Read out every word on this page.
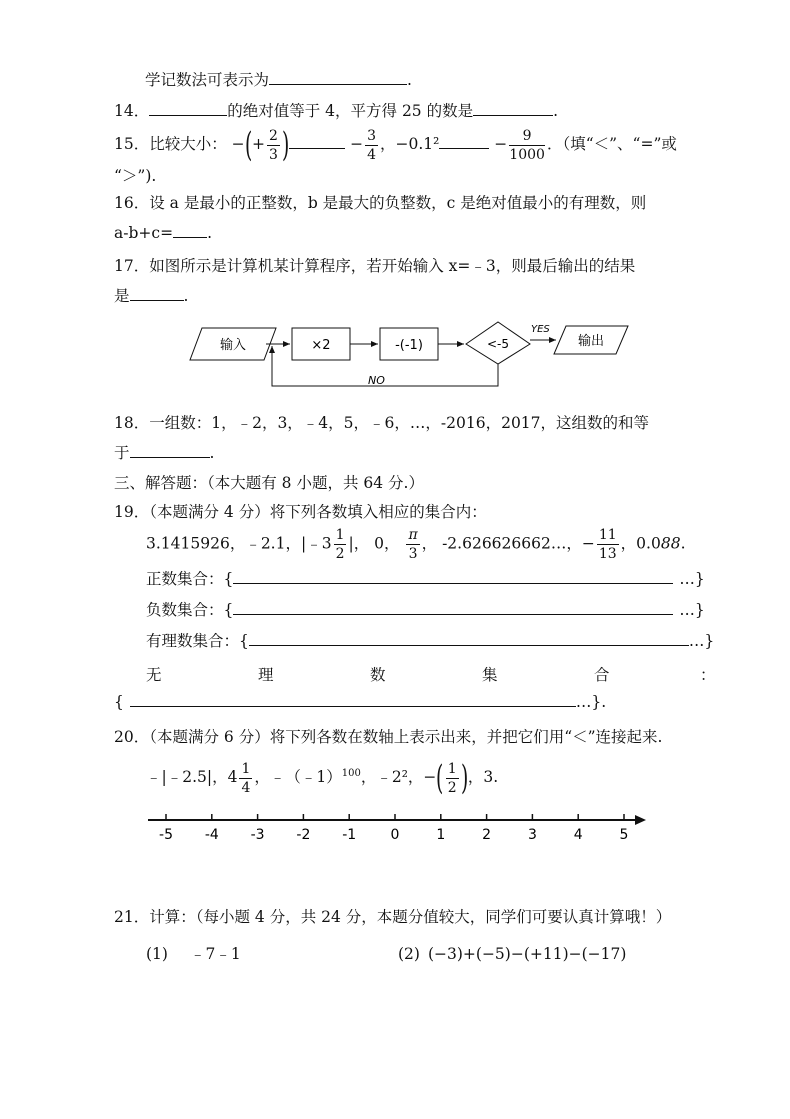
学记数法可表示为	.
14．	的绝对值等于 4，平方得 25 的数是	.
15．比较大小： −(+ $\frac{2}{3}$ )	− $\frac{3}{4}$ ，−0.1²	− $\frac{9}{1000}$ ．（填“＜”、“=”或
“＞”).
16．设 a 是最小的正整数，b 是最大的负整数，c 是绝对值最小的有理数，则
a-b+c= .
17．如图所示是计算机某计算程序，若开始输入 x=﹣3，则最后输出的结果
是	.
输入	×2	-(-1)	<-5
YES
输出
NO
18．一组数：1，﹣2，3，﹣4，5，﹣6，…，-2016，2017，这组数的和等
于	.
三、解答题：（本大题有 8 小题，共 64 分.）
19．（本题满分 4 分）将下列各数填入相应的集合内：
3.1415926，﹣2.1，|﹣3 $\frac{1}{2}$ |， 0， $\frac{\pi}{3}$ ， -2.626626662…，− $\frac{11}{13}$ ，0.088.
正数集合：{	…}
负数集合：{	…}
有理数集合：{	…}
无	理	数	集	合	：
{	…}.
20．（本题满分 6 分）将下列各数在数轴上表示出来，并把它们用“＜”连接起来.
﹣|﹣2.5|，$4 \frac{1}{4}$ ，﹣（﹣1）$^{100}$，﹣2²，−( $\frac{1}{2}$ )，3.
-5 -4 -3 -2 -1 0	1	2	3	4	5
21．计算：（每小题 4 分，共 24 分，本题分值较大，同学们可要认真计算哦！）
(1) ﹣7﹣1	(2) (−3)+(−5)−(+11)−(−17)
